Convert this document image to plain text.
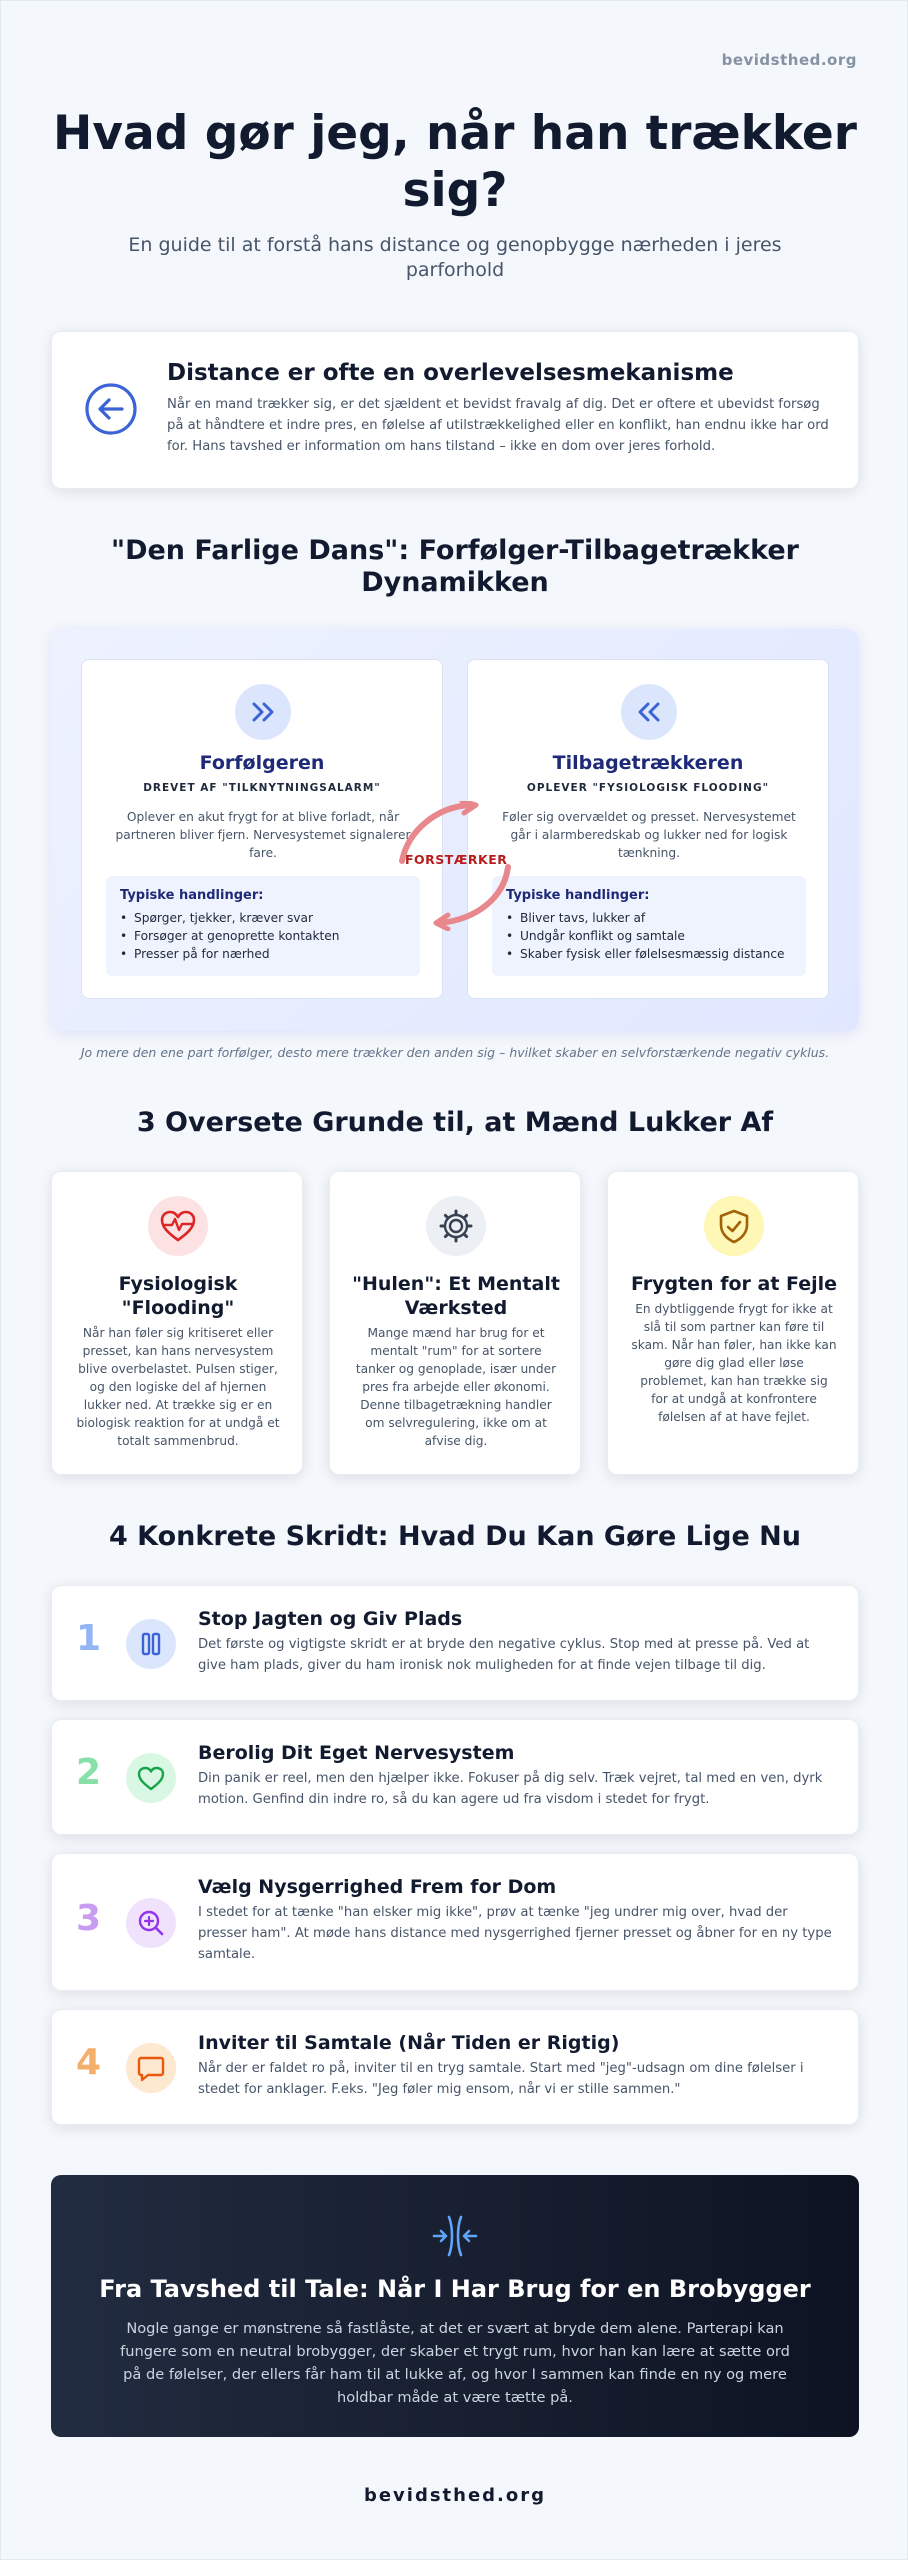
bevidsthed.org
Hvad gør jeg, når han trækker sig?

En guide til at forstå hans distance og genopbygge nærheden i jeres parforhold

Distance er ofte en overlevelsesmekanisme

Når en mand trækker sig, er det sjældent et bevidst fravalg af dig. Det er oftere et ubevidst forsøg på at håndtere et indre pres, en følelse af utilstrækkelighed eller en konflikt, han endnu ikke har ord for. Hans tavshed er information om hans tilstand – ikke en dom over jeres forhold.

"Den Farlige Dans": Forfølger-Tilbagetrækker Dynamikken
Forfølgeren
DREVET AF "TILKNYTNINGSALARM"
Oplever en akut frygt for at blive forladt, når partneren bliver fjern. Nervesystemet signalerer fare.
Typiske handlinger:
• Spørger, tjekker, kræver svar
• Forsøger at genoprette kontakten
• Presser på for nærhed
Tilbagetrækkeren
OPLEVER "FYSIOLOGISK FLOODING"
Føler sig overvældet og presset. Nervesystemet går i alarmberedskab og lukker ned for logisk tænkning.
Typiske handlinger:
• Bliver tavs, lukker af
• Undgår konflikt og samtale
• Skaber fysisk eller følelsesmæssig distance
FORSTÆRKER

Jo mere den ene part forfølger, desto mere trækker den anden sig – hvilket skaber en selvforstærkende negativ cyklus.

3 Oversete Grunde til, at Mænd Lukker Af
Fysiologisk "Flooding"
Når han føler sig kritiseret eller presset, kan hans nervesystem blive overbelastet. Pulsen stiger, og den logiske del af hjernen lukker ned. At trække sig er en biologisk reaktion for at undgå et totalt sammenbrud.
"Hulen": Et Mentalt Værksted
Mange mænd har brug for et mentalt "rum" for at sortere tanker og genoplade, især under pres fra arbejde eller økonomi. Denne tilbagetrækning handler om selvregulering, ikke om at afvise dig.
Frygten for at Fejle
En dybtliggende frygt for ikke at slå til som partner kan føre til skam. Når han føler, han ikke kan gøre dig glad eller løse problemet, kan han trække sig for at undgå at konfrontere følelsen af at have fejlet.
4 Konkrete Skridt: Hvad Du Kan Gøre Lige Nu
1	Stop Jagten og Giv Plads
Det første og vigtigste skridt er at bryde den negative cyklus. Stop med at presse på. Ved at give ham plads, giver du ham ironisk nok muligheden for at finde vejen tilbage til dig.
2	Berolig Dit Eget Nervesystem
Din panik er reel, men den hjælper ikke. Fokuser på dig selv. Træk vejret, tal med en ven, dyrk motion. Genfind din indre ro, så du kan agere ud fra visdom i stedet for frygt.
3
Vælg Nysgerrighed Frem for Dom
I stedet for at tænke "han elsker mig ikke", prøv at tænke "jeg undrer mig over, hvad der presser ham". At møde hans distance med nysgerrighed fjerner presset og åbner for en ny type samtale.
4	Inviter til Samtale (Når Tiden er Rigtig)
Når der er faldet ro på, inviter til en tryg samtale. Start med "jeg"-udsagn om dine følelser i stedet for anklager. F.eks. "Jeg føler mig ensom, når vi er stille sammen."
Fra Tavshed til Tale: Når I Har Brug for en Brobygger

Nogle gange er mønstrene så fastlåste, at det er svært at bryde dem alene. Parterapi kan fungere som en neutral brobygger, der skaber et trygt rum, hvor han kan lære at sætte ord på de følelser, der ellers får ham til at lukke af, og hvor I sammen kan finde en ny og mere holdbar måde at være tætte på.

bevidsthed.org
